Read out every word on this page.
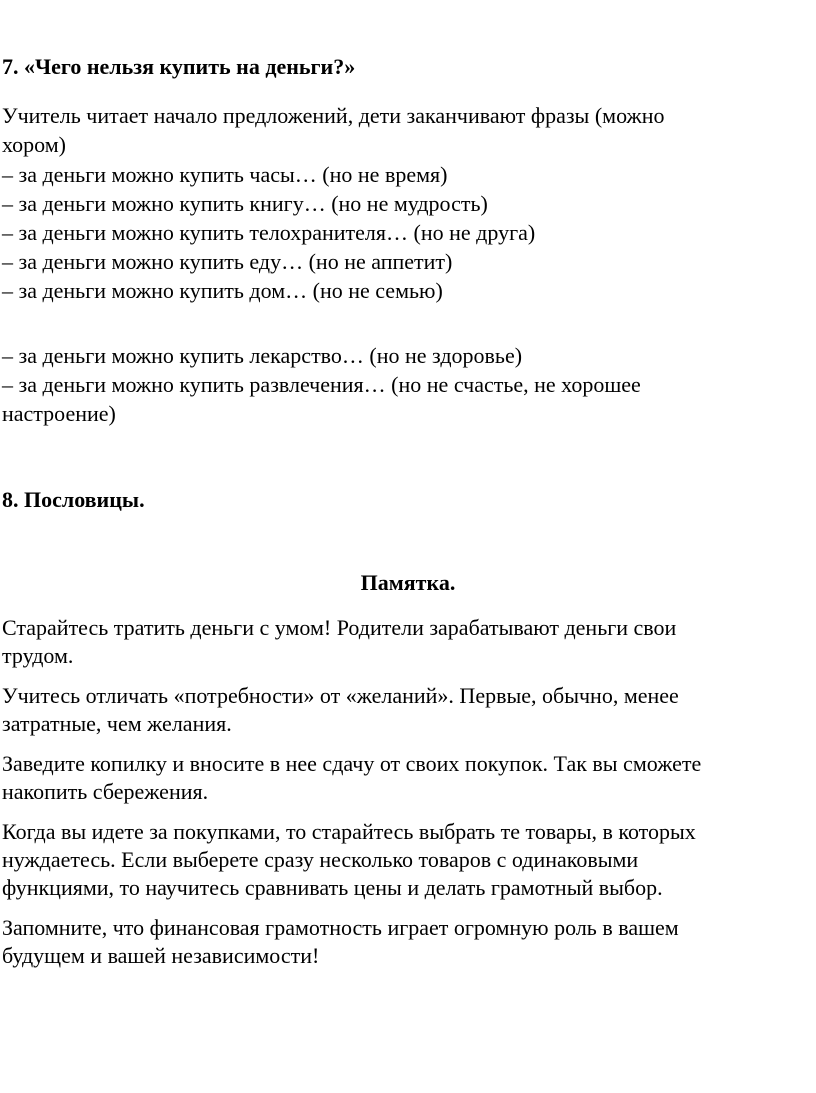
7. «Чего нельзя купить на деньги?»
Учитель читает начало предложений, дети заканчивают фразы (можно
хором)
– за деньги можно купить часы… (но не время)
– за деньги можно купить книгу… (но не мудрость)
– за деньги можно купить телохранителя… (но не друга)
– за деньги можно купить еду… (но не аппетит)
– за деньги можно купить дом… (но не семью)
– за деньги можно купить лекарство… (но не здоровье)
– за деньги можно купить развлечения… (но не счастье, не хорошее
настроение)
8. Пословицы.
Памятка.

Старайтесь тратить деньги с умом! Родители зарабатывают деньги свои
трудом.

Учитесь отличать «потребности» от «желаний». Первые, обычно, менее
затратные, чем желания.

Заведите копилку и вносите в нее сдачу от своих покупок. Так вы сможете
накопить сбережения.

Когда вы идете за покупками, то старайтесь выбрать те товары, в которых
нуждаетесь. Если выберете сразу несколько товаров с одинаковыми
функциями, то научитесь сравнивать цены и делать грамотный выбор.

Запомните, что финансовая грамотность играет огромную роль в вашем
будущем и вашей независимости!
